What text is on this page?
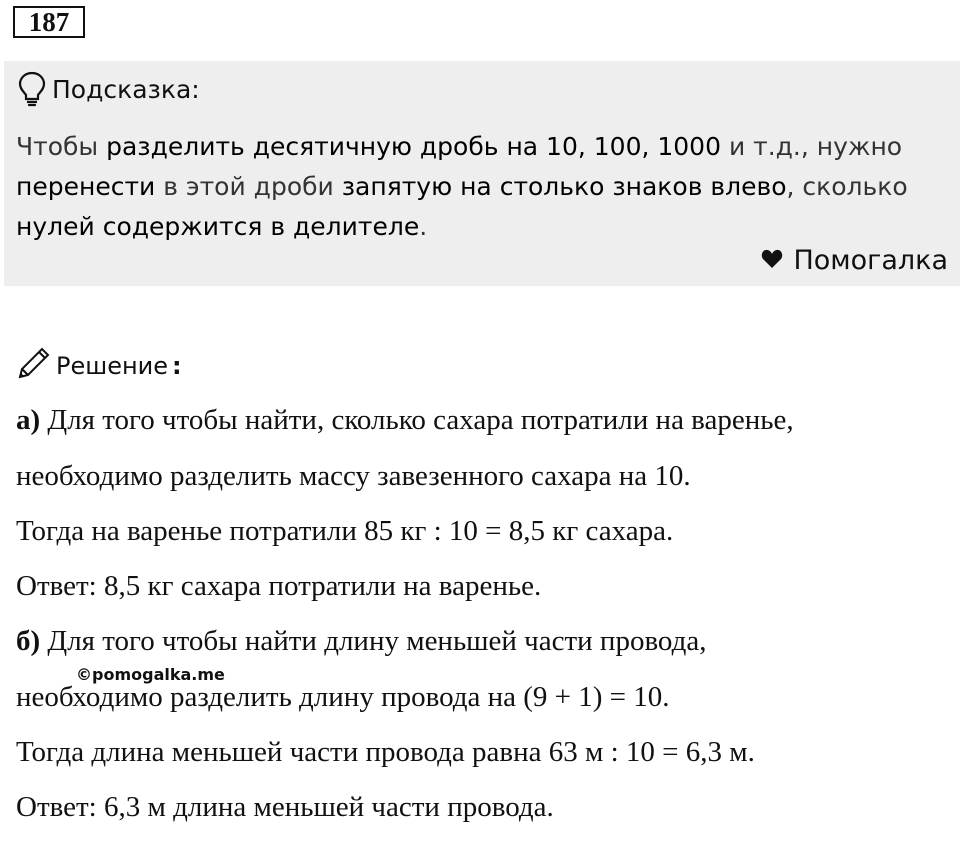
187
Подсказка:
Чтобы разделить десятичную дробь на 10, 100, 1000 и т.д., нужно
перенести в этой дроби запятую на столько знаков влево, сколько
нулей содержится в делителе.
Помогалка
Решение :
а) Для того чтобы найти, сколько сахара потратили на варенье,
необходимо разделить массу завезенного сахара на 10.
Тогда на варенье потратили 85 кг : 10 = 8,5 кг сахара.
Ответ: 8,5 кг сахара потратили на варенье.
б) Для того чтобы найти длину меньшей части провода,
необходимо разделить длину провода на (9 + 1) = 10.
Тогда длина меньшей части провода равна 63 м : 10 = 6,3 м.
Ответ: 6,3 м длина меньшей части провода.
©pomogalka.me
